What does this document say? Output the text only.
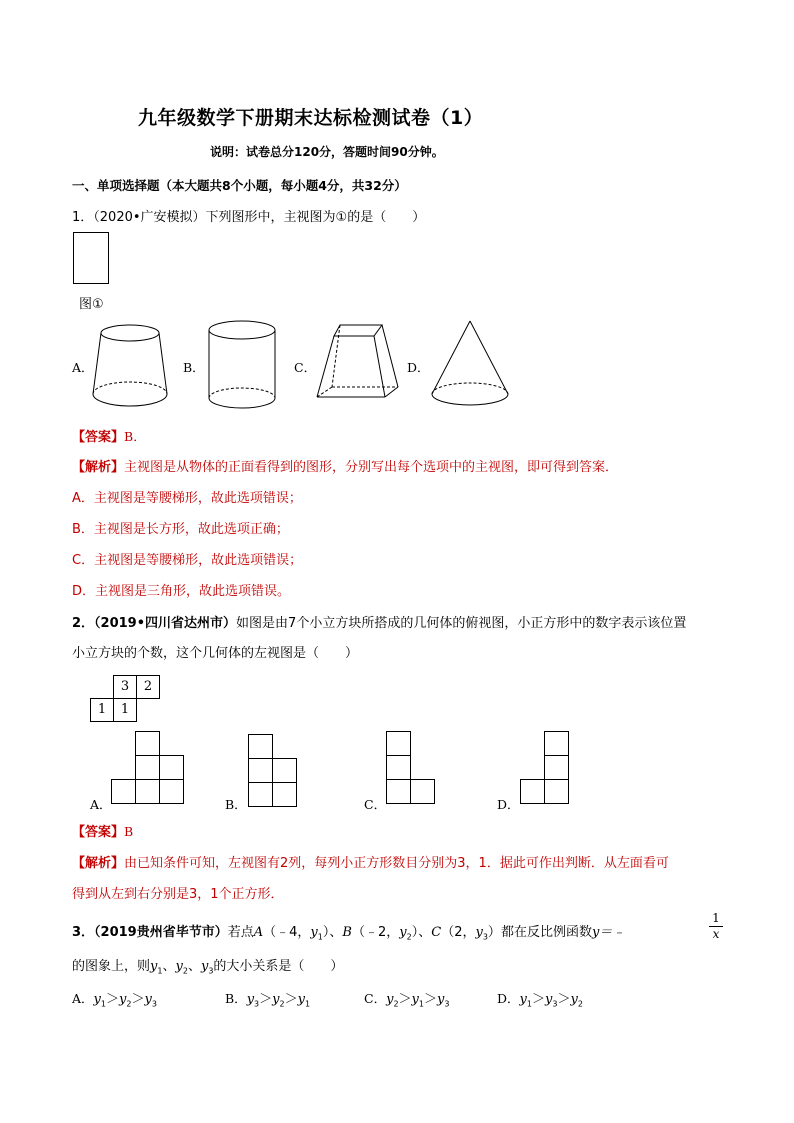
九年级数学下册期末达标检测试卷（1）
说明：试卷总分120分，答题时间90分钟。
一、单项选择题（本大题共8个小题，每小题4分，共32分）
1．（2020•广安模拟）下列图形中，主视图为①的是（　　）
图①
A．	B．	C．	D．
【答案】B．
【解析】主视图是从物体的正面看得到的图形，分别写出每个选项中的主视图，即可得到答案．
A．主视图是等腰梯形，故此选项错误；
B．主视图是长方形，故此选项正确；
C．主视图是等腰梯形，故此选项错误；
D．主视图是三角形，故此选项错误。
2．（2019•四川省达州市）如图是由7个小立方块所搭成的几何体的俯视图，小正方形中的数字表示该位置
小立方块的个数，这个几何体的左视图是（　　）
3	2
1	1
A．	B．	C．	D．
【答案】B
【解析】由已知条件可知，左视图有2列，每列小正方形数目分别为3，1．据此可作出判断．从左面看可
得到从左到右分别是3，1个正方形．
3．（2019贵州省毕节市）若点A（﹣4，$y_1$）、B（﹣2，$y_2$）、C（2，$y_3$）都在反比例函数y＝﹣
1
x
的图象上，则$y_1$、$y_2$、$y_3$的大小关系是（　　）
A．$y_1>y_2>y_3$	B．$y_3>y_2>y_1$	C．$y_2>y_1>y_3$	D．$y_1>y_3>y_2$
